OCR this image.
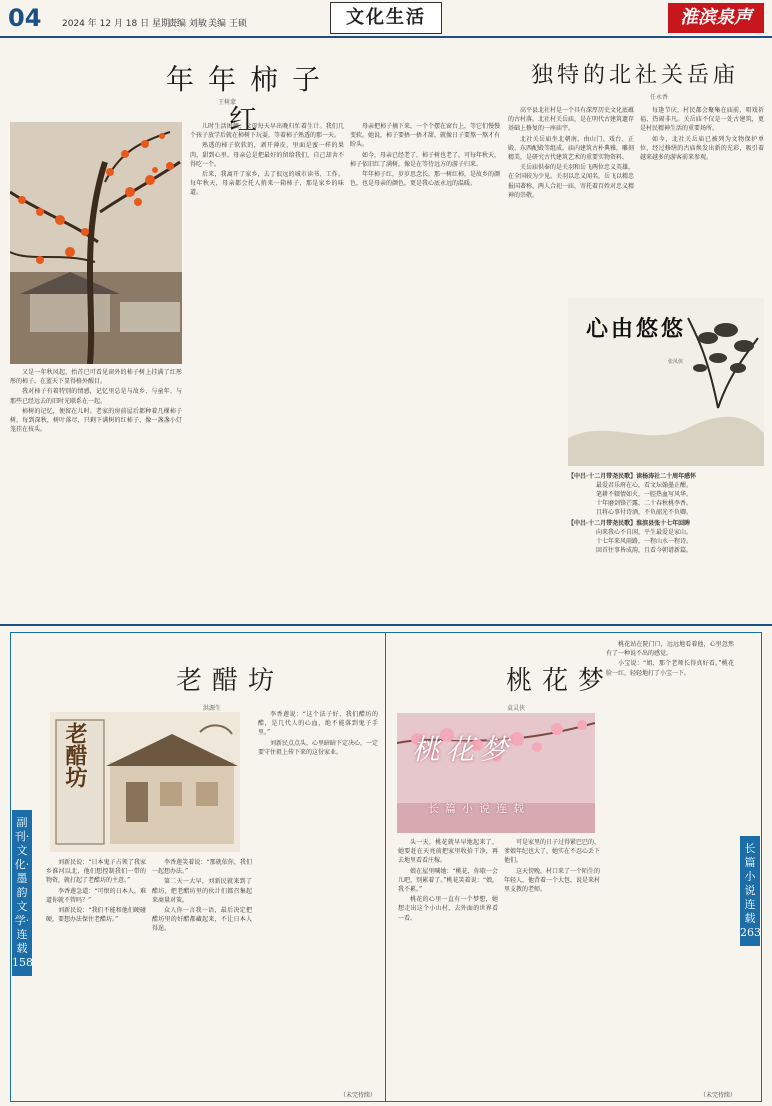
04 2024 年 12 月 18 日 星期三
责编 刘敏 美编 王硕	文化生活	淮滨泉声
年年柿子红
王树蒙

又是一年秋风起，抬首已可看见窗外的柿子树上挂满了红彤彤的柿子，在蓝天下显得格外醒目。

我对柿子有着特别的情感，记忆里总是与故乡、与童年、与那些已经远去的旧时光联系在一起。

柿树的记忆，便留在儿时。老家的房前屋后都种着几棵柿子树，每到深秋，树叶落尽，只剩下满树的红柿子，像一盏盏小灯笼挂在枝头。

儿时生活困顿，父母每天早出晚归忙着生计。我们几个孩子放学后就在柿树下玩耍，等着柿子熟透的那一天。

熟透的柿子软软的，剥开薄皮，里面是蜜一样的果肉，甜到心里。母亲总是把最好的留给我们，自己却舍不得吃一个。

后来，我离开了家乡，去了很远的城市读书、工作。每年秋天，母亲都会托人捎来一箱柿子，那是家乡的味道。

母亲把柿子摘下来，一个个摆在窗台上，等它们慢慢变软。她说，柿子要捂一捂才甜，就像日子要熬一熬才有盼头。

如今，母亲已经老了，柿子树也老了。可每年秋天，柿子依旧红了满树，像是在等待远方的游子归来。

年年柿子红，岁岁思念长。那一树红柿，是故乡的颜色，也是母亲的颜色，更是我心底永远的温暖。

独特的北社关岳庙
任永香

高平县北社村是一个具有深厚历史文化底蕴的古村落。北社村关岳庙，是在明代古建筑遗存基础上修复的一座庙宇。

北社关岳庙坐北朝南，由山门、戏台、正殿、东西配殿等组成。庙内建筑古朴典雅，雕刻精美，是研究古代建筑艺术的重要实物资料。

关岳庙供奉的是关羽和岳飞两位忠义英雄，在全国较为少见。关羽以忠义闻名，岳飞以精忠报国著称，两人合祀一庙，寄托着百姓对忠义精神的崇敬。

每逢节庆，村民都会聚集在庙前，唱戏祈福，热闹非凡。关岳庙不仅是一处古建筑，更是村民精神生活的重要场所。

如今，北社关岳庙已被列为文物保护单位，经过修缮的古庙焕发出新的光彩，吸引着越来越多的游客前来参观。

心由悠悠
张凤侠
【中吕·十二月带尧民歌】读杨涛社二十周年感怀
最爱君乐府在心，看文坛翰墨正酣。
笔耕不辍情如火，一腔热血写风华。
十年磨剑锋芒露，二十春秋桃李香。
且将心事付诗酒，不负韶光不负卿。
【中吕·十二月带尧民歌】淮滨县张十七年回眸
向来我心不自闲，平生最爱是家山。
十七年来风雨路，一程山水一程诗。
回首往事皆成韵，且看今朝谱新篇。
副刊·文化·墨韵文学·连载158
长篇小说连载263
老醋坊
洪源生
老醋坊

刘新民说：“日本鬼子占领了我家乡淮河以北，他们想控制我们一带的物资，就打起了老醋坊的主意。”

李香莲急道：“可恨的日本人，难道你就不管吗？”

刘新民说：“我们不能和他们硬碰硬，要想办法保住老醋坊。”

李香莲笑着说：“那就依你，我们一起想办法。”

第二天一大早，刘新民就来到了醋坊，把老醋坊里的伙计们都召集起来商量对策。

众人你一言我一语，最后决定把醋坊里的好醋都藏起来，不让日本人得逞。

李香莲说：“这个法子好，我们醋坊的醋，是几代人的心血，绝不能落到鬼子手里。”

刘新民点点头，心里暗暗下定决心，一定要守住祖上传下来的这份家业。

（未完待续）
桃花梦
袁灵侠
桃花梦
长篇小说连载

头一天，桃花就早早地起来了，她要赶在天亮前把家里收拾干净，再去地里看看庄稼。

娘在屋里喊她：“桃花，你歇一会儿吧，别累着了。”桃花笑着说：“娘，我不累。”

桃花的心里一直有一个梦想，她想走出这个小山村，去外面的世界看一看。

可是家里的日子过得紧巴巴的，爹娘年纪也大了，她实在不忍心丢下他们。

这天傍晚，村口来了一个陌生的年轻人，他背着一个大包，说是来村里支教的老师。

桃花站在院门口，远远地看着他，心里忽然有了一种说不出的感觉。

小宝说：“姐，那个老师长得真好看。”桃花脸一红，轻轻地打了小宝一下。

（未完待续）
